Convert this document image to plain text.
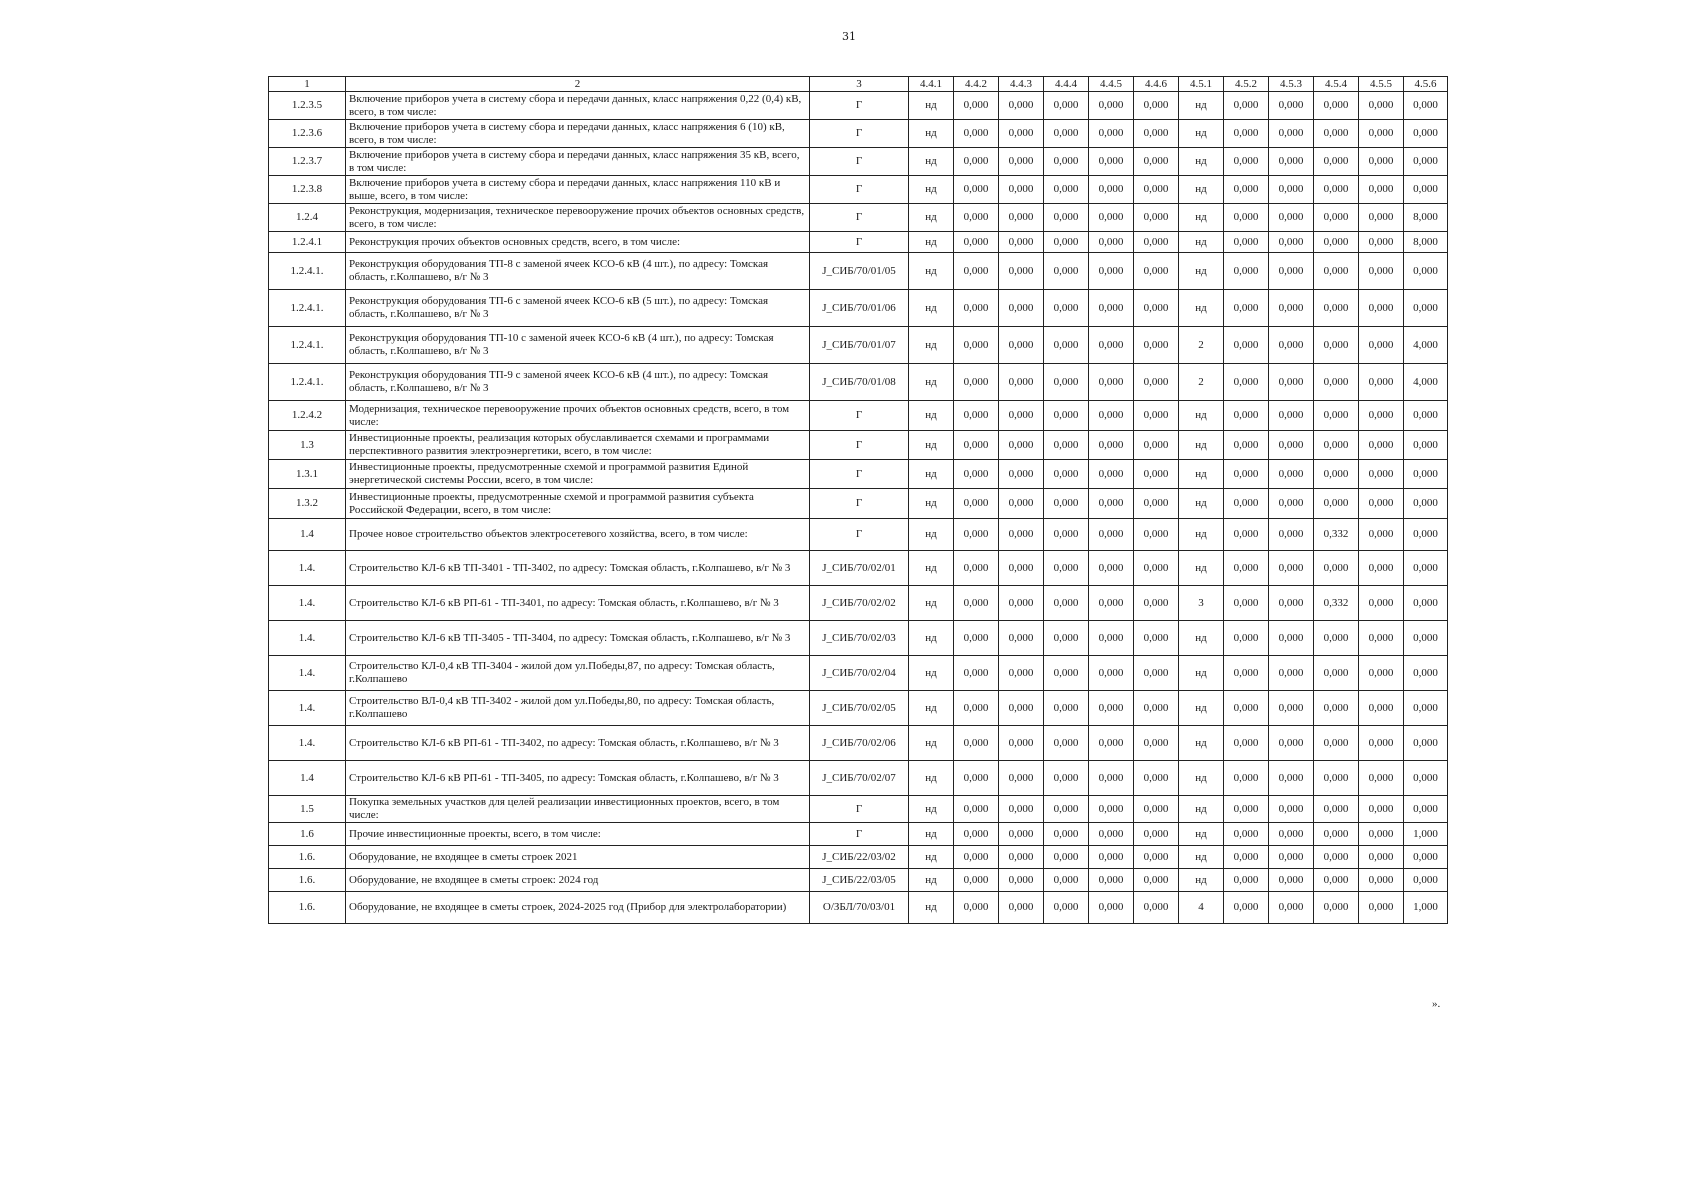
31
1	2	3	4.4.1	4.4.2	4.4.3	4.4.4	4.4.5	4.4.6	4.5.1	4.5.2	4.5.3	4.5.4	4.5.5	4.5.6
1.2.3.5	Включение приборов учета в систему сбора и передачи данных, класс напряжения 0,22 (0,4) кВ, всего, в том числе:	Г	нд	0,000	0,000	0,000	0,000	0,000	нд	0,000	0,000	0,000	0,000	0,000
1.2.3.6	Включение приборов учета в систему сбора и передачи данных, класс напряжения 6 (10) кВ, всего, в том числе:	Г	нд	0,000	0,000	0,000	0,000	0,000	нд	0,000	0,000	0,000	0,000	0,000
1.2.3.7	Включение приборов учета в систему сбора и передачи данных, класс напряжения 35 кВ, всего, в том числе:	Г	нд	0,000	0,000	0,000	0,000	0,000	нд	0,000	0,000	0,000	0,000	0,000
1.2.3.8	Включение приборов учета в систему сбора и передачи данных, класс напряжения 110 кВ и выше, всего, в том числе:	Г	нд	0,000	0,000	0,000	0,000	0,000	нд	0,000	0,000	0,000	0,000	0,000
1.2.4	Реконструкция, модернизация, техническое перевооружение прочих объектов основных средств, всего, в том числе:	Г	нд	0,000	0,000	0,000	0,000	0,000	нд	0,000	0,000	0,000	0,000	8,000
1.2.4.1	Реконструкция прочих объектов основных средств, всего, в том числе:	Г	нд	0,000	0,000	0,000	0,000	0,000	нд	0,000	0,000	0,000	0,000	8,000
1.2.4.1.	Реконструкция оборудования ТП-8 с заменой ячеек КСО-6 кВ (4 шт.), по адресу: Томская область, г.Колпашево, в/г № 3	J_СИБ/70/01/05	нд	0,000	0,000	0,000	0,000	0,000	нд	0,000	0,000	0,000	0,000	0,000
1.2.4.1.	Реконструкция оборудования ТП-6 с заменой ячеек КСО-6 кВ (5 шт.), по адресу: Томская область, г.Колпашево, в/г № 3	J_СИБ/70/01/06	нд	0,000	0,000	0,000	0,000	0,000	нд	0,000	0,000	0,000	0,000	0,000
1.2.4.1.	Реконструкция оборудования ТП-10 с заменой ячеек КСО-6 кВ (4 шт.), по адресу: Томская область, г.Колпашево, в/г № 3	J_СИБ/70/01/07	нд	0,000	0,000	0,000	0,000	0,000	2	0,000	0,000	0,000	0,000	4,000
1.2.4.1.	Реконструкция оборудования ТП-9 с заменой ячеек КСО-6 кВ (4 шт.), по адресу: Томская область, г.Колпашево, в/г № 3	J_СИБ/70/01/08	нд	0,000	0,000	0,000	0,000	0,000	2	0,000	0,000	0,000	0,000	4,000
1.2.4.2	Модернизация, техническое перевооружение прочих объектов основных средств, всего, в том числе:	Г	нд	0,000	0,000	0,000	0,000	0,000	нд	0,000	0,000	0,000	0,000	0,000
1.3	Инвестиционные проекты, реализация которых обуславливается схемами и программами перспективного развития электроэнергетики, всего, в том числе:	Г	нд	0,000	0,000	0,000	0,000	0,000	нд	0,000	0,000	0,000	0,000	0,000
1.3.1	Инвестиционные проекты, предусмотренные схемой и программой развития Единой энергетической системы России, всего, в том числе:	Г	нд	0,000	0,000	0,000	0,000	0,000	нд	0,000	0,000	0,000	0,000	0,000
1.3.2	Инвестиционные проекты, предусмотренные схемой и программой развития субъекта Российской Федерации, всего, в том числе:	Г	нд	0,000	0,000	0,000	0,000	0,000	нд	0,000	0,000	0,000	0,000	0,000
1.4	Прочее новое строительство объектов электросетевого хозяйства, всего, в том числе:	Г	нд	0,000	0,000	0,000	0,000	0,000	нд	0,000	0,000	0,332	0,000	0,000
1.4.	Строительство КЛ-6 кВ ТП-3401 - ТП-3402, по адресу: Томская область, г.Колпашево, в/г № 3	J_СИБ/70/02/01	нд	0,000	0,000	0,000	0,000	0,000	нд	0,000	0,000	0,000	0,000	0,000
1.4.	Строительство КЛ-6 кВ РП-61 - ТП-3401, по адресу: Томская область, г.Колпашево, в/г № 3	J_СИБ/70/02/02	нд	0,000	0,000	0,000	0,000	0,000	3	0,000	0,000	0,332	0,000	0,000
1.4.	Строительство КЛ-6 кВ ТП-3405 - ТП-3404, по адресу: Томская область, г.Колпашево, в/г № 3	J_СИБ/70/02/03	нд	0,000	0,000	0,000	0,000	0,000	нд	0,000	0,000	0,000	0,000	0,000
1.4.	Строительство КЛ-0,4 кВ ТП-3404 - жилой дом ул.Победы,87, по адресу: Томская область, г.Колпашево	J_СИБ/70/02/04	нд	0,000	0,000	0,000	0,000	0,000	нд	0,000	0,000	0,000	0,000	0,000
1.4.	Строительство ВЛ-0,4 кВ ТП-3402 - жилой дом ул.Победы,80, по адресу: Томская область, г.Колпашево	J_СИБ/70/02/05	нд	0,000	0,000	0,000	0,000	0,000	нд	0,000	0,000	0,000	0,000	0,000
1.4.	Строительство КЛ-6 кВ РП-61 - ТП-3402, по адресу: Томская область, г.Колпашево, в/г № 3	J_СИБ/70/02/06	нд	0,000	0,000	0,000	0,000	0,000	нд	0,000	0,000	0,000	0,000	0,000
1.4	Строительство КЛ-6 кВ РП-61 - ТП-3405, по адресу: Томская область, г.Колпашево, в/г № 3	J_СИБ/70/02/07	нд	0,000	0,000	0,000	0,000	0,000	нд	0,000	0,000	0,000	0,000	0,000
1.5	Покупка земельных участков для целей реализации инвестиционных проектов, всего, в том числе:	Г	нд	0,000	0,000	0,000	0,000	0,000	нд	0,000	0,000	0,000	0,000	0,000
1.6	Прочие инвестиционные проекты, всего, в том числе:	Г	нд	0,000	0,000	0,000	0,000	0,000	нд	0,000	0,000	0,000	0,000	1,000
1.6.	Оборудование, не входящее в сметы строек 2021	J_СИБ/22/03/02	нд	0,000	0,000	0,000	0,000	0,000	нд	0,000	0,000	0,000	0,000	0,000
1.6.	Оборудование, не входящее в сметы строек: 2024 год	J_СИБ/22/03/05	нд	0,000	0,000	0,000	0,000	0,000	нд	0,000	0,000	0,000	0,000	0,000
1.6.	Оборудование, не входящее в сметы строек, 2024-2025 год (Прибор для электролаборатории)	О/ЗБЛ/70/03/01	нд	0,000	0,000	0,000	0,000	0,000	4	0,000	0,000	0,000	0,000	1,000
».
